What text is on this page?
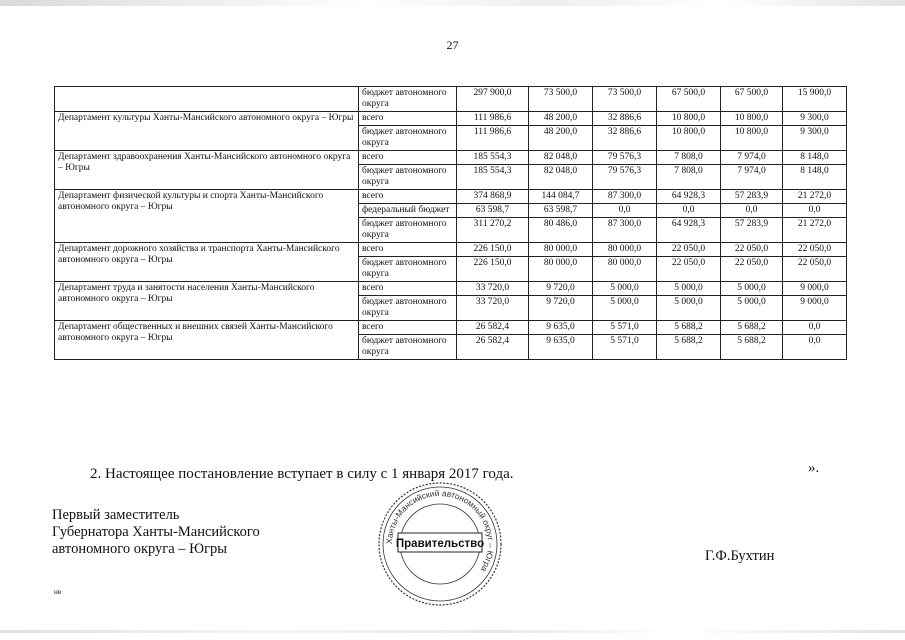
27
	бюджет автономного округа	297 900,0	73 500,0	73 500,0	67 500,0	67 500,0	15 900,0
Департамент культуры Ханты-Мансийского автономного округа – Югры	всего	111 986,6	48 200,0	32 886,6	10 800,0	10 800,0	9 300,0
	бюджет автономного округа	111 986,6	48 200,0	32 886,6	10 800,0	10 800,0	9 300,0
Департамент здравоохранения Ханты-Мансийского автономного округа – Югры	всего	185 554,3	82 048,0	79 576,3	7 808,0	7 974,0	8 148,0
	бюджет автономного округа	185 554,3	82 048,0	79 576,3	7 808,0	7 974,0	8 148,0
Департамент физической культуры и спорта Ханты-Мансийского автономного округа – Югры	всего	374 868,9	144 084,7	87 300,0	64 928,3	57 283,9	21 272,0
	федеральный бюджет	63 598,7	63 598,7	0,0	0,0	0,0	0,0
	бюджет автономного округа	311 270,2	80 486,0	87 300,0	64 928,3	57 283,9	21 272,0
Департамент дорожного хозяйства и транспорта Ханты-Мансийского автономного округа – Югры	всего	226 150,0	80 000,0	80 000,0	22 050,0	22 050,0	22 050,0
	бюджет автономного округа	226 150,0	80 000,0	80 000,0	22 050,0	22 050,0	22 050,0
Департамент труда и занятости населения Ханты-Мансийского автономного округа – Югры	всего	33 720,0	9 720,0	5 000,0	5 000,0	5 000,0	9 000,0
	бюджет автономного округа	33 720,0	9 720,0	5 000,0	5 000,0	5 000,0	9 000,0
Департамент общественных и внешних связей Ханты-Мансийского автономного округа – Югры	всего	26 582,4	9 635,0	5 571,0	5 688,2	5 688,2	0,0
	бюджет автономного округа	26 582,4	9 635,0	5 571,0	5 688,2	5 688,2	0,0

2. Настоящее постановление вступает в силу с 1 января 2017 года.	».

Первый заместитель
Губернатора Ханты-Мансийского
автономного округа – Югры	Г.Ф.Бухтин
нв
Ханты-Мансийский автономный округ – Югра
Правительство
